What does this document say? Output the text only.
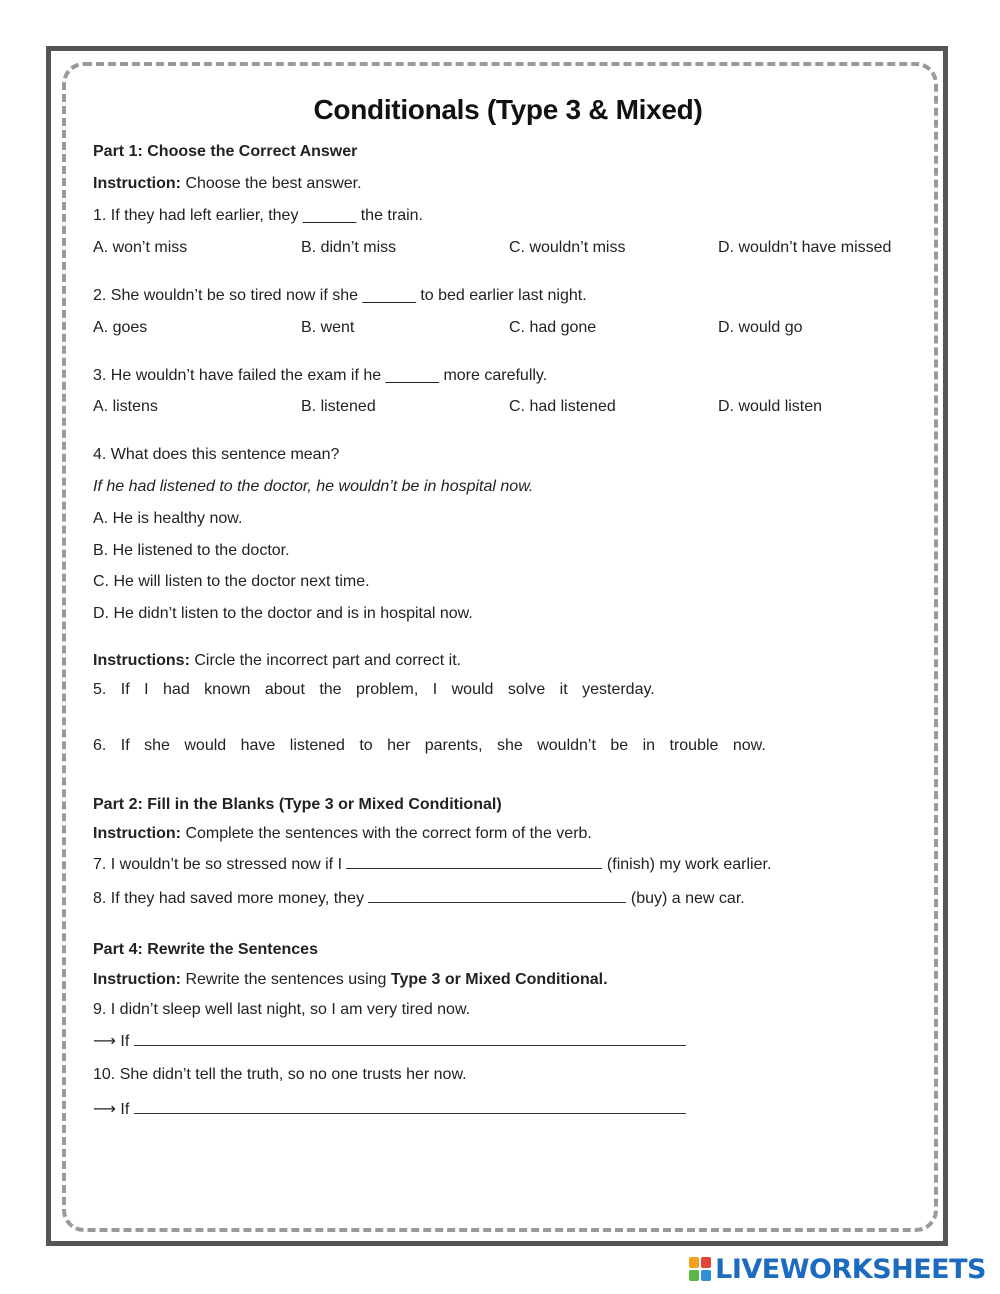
Conditionals (Type 3 & Mixed)
Part 1: Choose the Correct Answer
Instruction: Choose the best answer.
1. If they had left earlier, they ______ the train.
A. won’t miss	B. didn’t miss	C. wouldn’t miss	D. wouldn’t have missed
2. She wouldn’t be so tired now if she ______ to bed earlier last night.
A. goes	B. went	C. had gone	D. would go
3. He wouldn’t have failed the exam if he ______ more carefully.
A. listens	B. listened	C. had listened	D. would listen
4. What does this sentence mean?
If he had listened to the doctor, he wouldn’t be in hospital now.
A. He is healthy now.
B. He listened to the doctor.
C. He will listen to the doctor next time.
D. He didn’t listen to the doctor and is in hospital now.
Instructions: Circle the incorrect part and correct it.
5. If I had known about the problem, I would solve it yesterday.
6. If she would have listened to her parents, she wouldn’t be in trouble now.
Part 2: Fill in the Blanks (Type 3 or Mixed Conditional)
Instruction: Complete the sentences with the correct form of the verb.
7. I wouldn’t be so stressed now if I	(finish) my work earlier.
8. If they had saved more money, they	(buy) a new car.
Part 4: Rewrite the Sentences
Instruction: Rewrite the sentences using Type 3 or Mixed Conditional.
9. I didn’t sleep well last night, so I am very tired now.
⟶ If
10. She didn’t tell the truth, so no one trusts her now.
⟶ If
LIVEWORKSHEETS
